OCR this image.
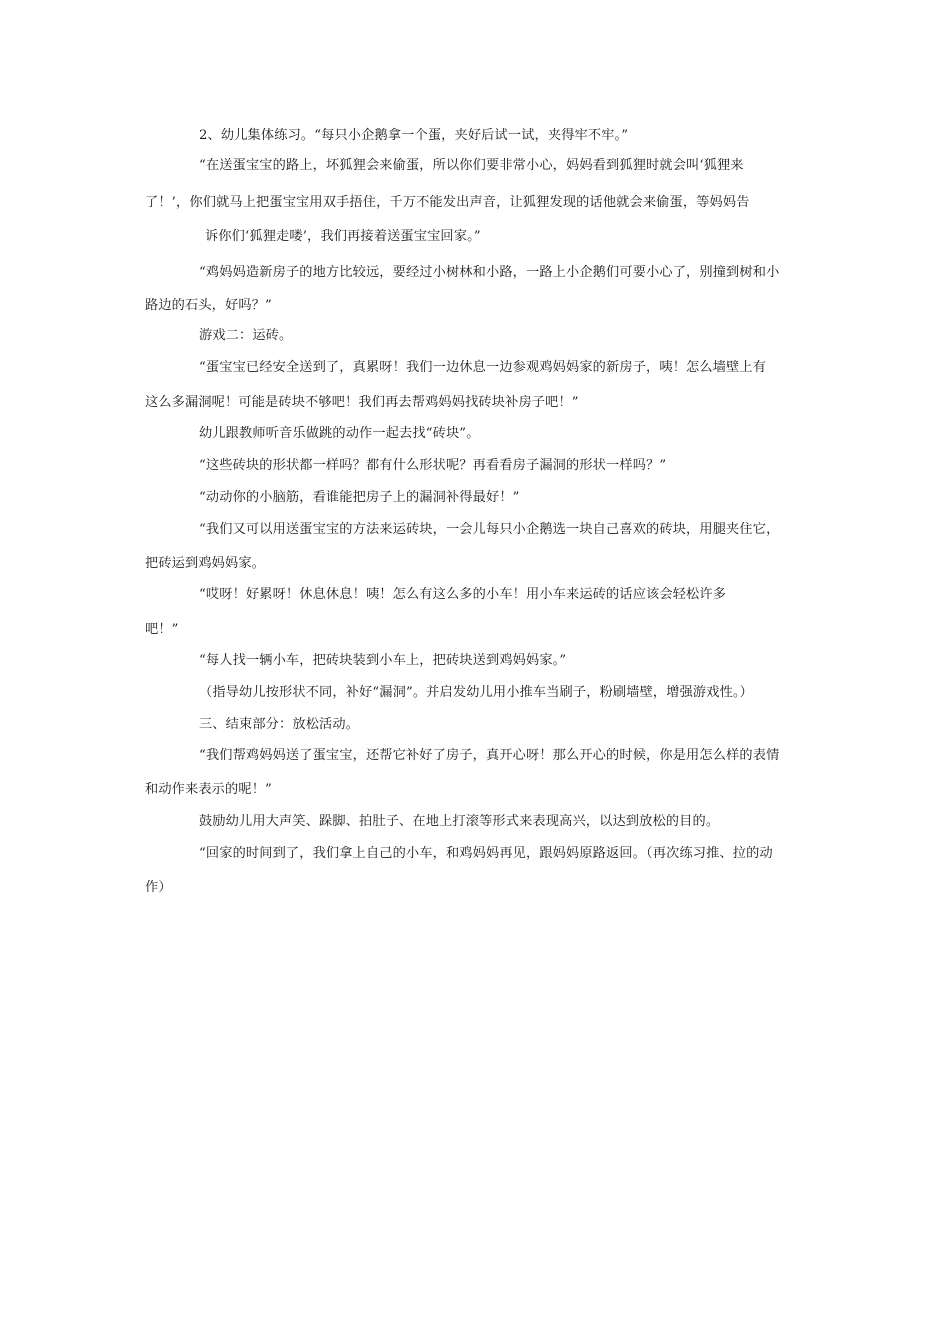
2、幼儿集体练习。“每只小企鹅拿一个蛋，夹好后试一试，夹得牢不牢。”
“在送蛋宝宝的路上，坏狐狸会来偷蛋，所以你们要非常小心，妈妈看到狐狸时就会叫‘狐狸来
了！’，你们就马上把蛋宝宝用双手捂住，千万不能发出声音，让狐狸发现的话他就会来偷蛋，等妈妈告
诉你们‘狐狸走喽’，我们再接着送蛋宝宝回家。”
“鸡妈妈造新房子的地方比较远，要经过小树林和小路，一路上小企鹅们可要小心了，别撞到树和小
路边的石头，好吗？”
游戏二：运砖。
“蛋宝宝已经安全送到了，真累呀！我们一边休息一边参观鸡妈妈家的新房子，咦！怎么墙壁上有
这么多漏洞呢！可能是砖块不够吧！我们再去帮鸡妈妈找砖块补房子吧！”
幼儿跟教师听音乐做跳的动作一起去找“砖块”。
“这些砖块的形状都一样吗？都有什么形状呢？再看看房子漏洞的形状一样吗？”
“动动你的小脑筋，看谁能把房子上的漏洞补得最好！”
“我们又可以用送蛋宝宝的方法来运砖块，一会儿每只小企鹅选一块自己喜欢的砖块，用腿夹住它，
把砖运到鸡妈妈家。
“哎呀！好累呀！休息休息！咦！怎么有这么多的小车！用小车来运砖的话应该会轻松许多
吧！”
“每人找一辆小车，把砖块装到小车上，把砖块送到鸡妈妈家。”
（指导幼儿按形状不同，补好“漏洞”。并启发幼儿用小推车当刷子，粉刷墙壁，增强游戏性。）
三、结束部分：放松活动。
“我们帮鸡妈妈送了蛋宝宝，还帮它补好了房子，真开心呀！那么开心的时候，你是用怎么样的表情
和动作来表示的呢！”
鼓励幼儿用大声笑、跺脚、拍肚子、在地上打滚等形式来表现高兴，以达到放松的目的。
“回家的时间到了，我们拿上自己的小车，和鸡妈妈再见，跟妈妈原路返回。（再次练习推、拉的动
作）
